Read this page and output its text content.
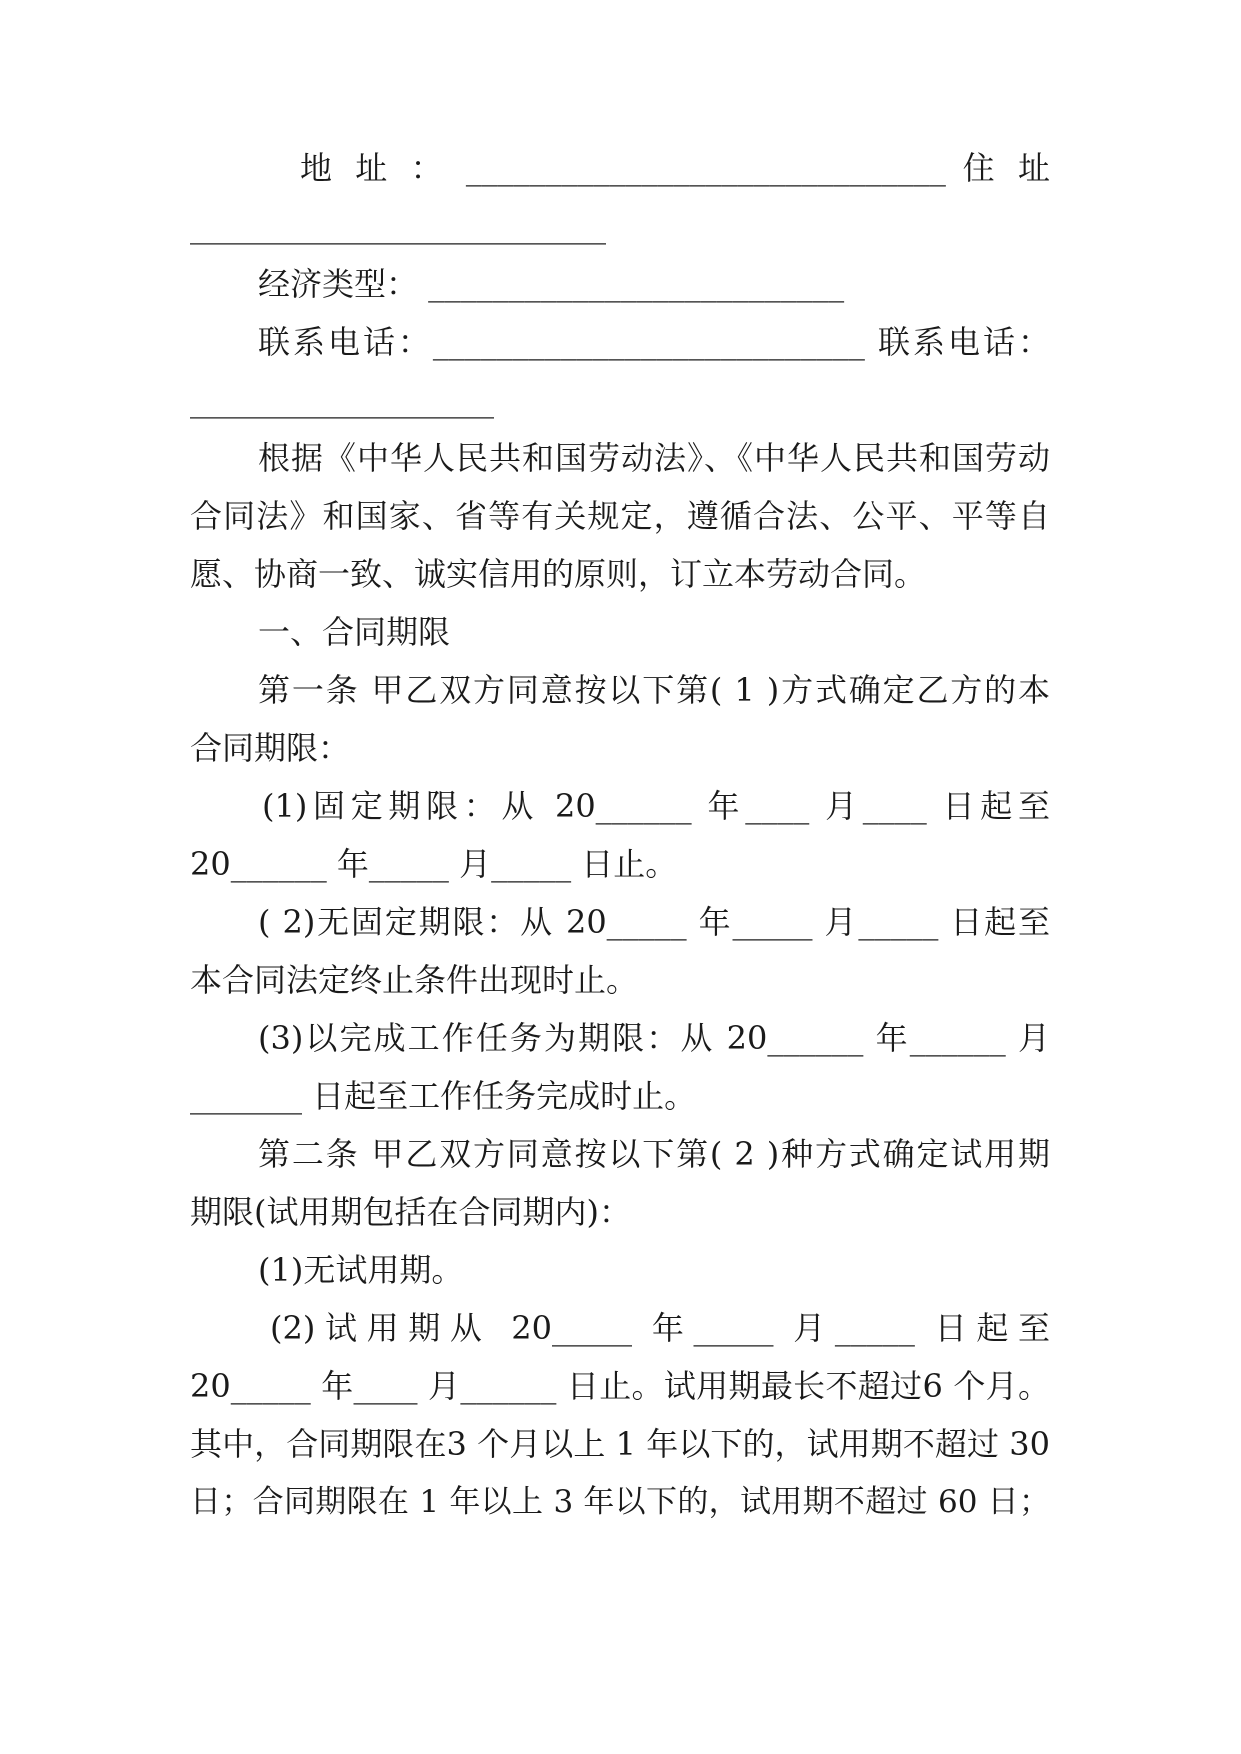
地 址 ： ______________________________ 住 址

__________________________

经济类型： __________________________

联系电话：___________________________ 联系电话：

___________________

根据《中华人民共和国劳动法》、《中华人民共和国劳动

合同法》和国家、省等有关规定，遵循合法、公平、平等自

愿、协商一致、诚实信用的原则，订立本劳动合同。

一、合同期限

第一条 甲乙双方同意按以下第( 1 )方式确定乙方的本

合同期限：

(1)固定期限：从 20______ 年____ 月____ 日起至

20______ 年_____ 月_____ 日止。

( 2)无固定期限：从 20_____ 年_____ 月_____ 日起至

本合同法定终止条件出现时止。

(3)以完成工作任务为期限：从 20______ 年______ 月

_______ 日起至工作任务完成时止。

第二条 甲乙双方同意按以下第( 2 )种方式确定试用期

期限(试用期包括在合同期内)：

(1)无试用期。

(2)试用期从 20_____ 年_____ 月_____ 日起至

20_____ 年____ 月______ 日止。试用期最长不超过6 个月。

其中，合同期限在3 个月以上 1 年以下的，试用期不超过 30

日；合同期限在 1 年以上 3 年以下的，试用期不超过 60 日；
